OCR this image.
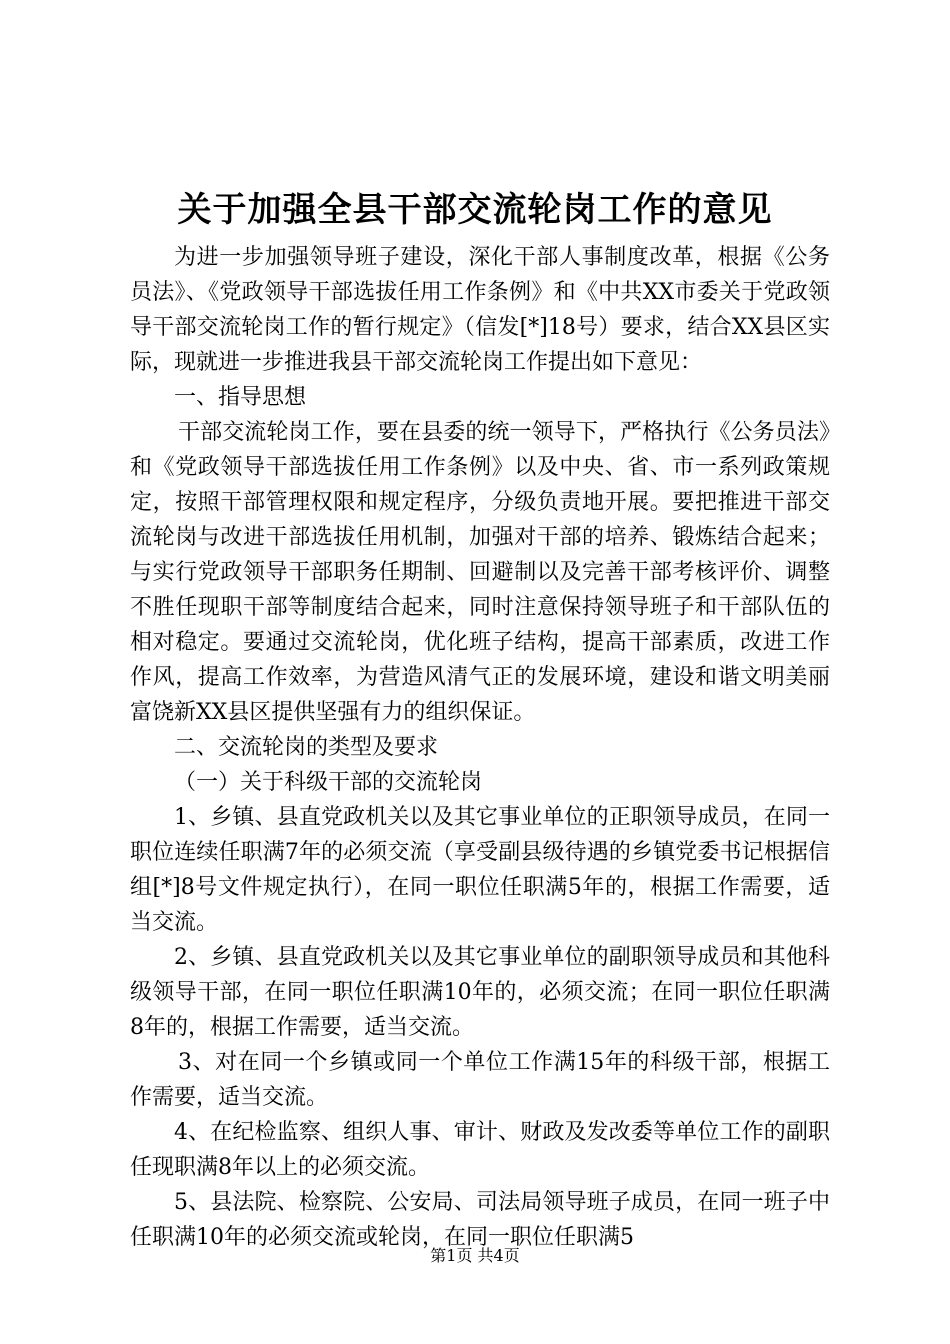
关于加强全县干部交流轮岗工作的意见

为进一步加强领导班子建设，深化干部人事制度改革，根据《公务员法》、《党政领导干部选拔任用工作条例》和《中共XX市委关于党政领导干部交流轮岗工作的暂行规定》（信发[*]18号）要求，结合XX县区实际，现就进一步推进我县干部交流轮岗工作提出如下意见：

一、指导思想

干部交流轮岗工作，要在县委的统一领导下，严格执行《公务员法》和《党政领导干部选拔任用工作条例》以及中央、省、市一系列政策规定，按照干部管理权限和规定程序，分级负责地开展。要把推进干部交流轮岗与改进干部选拔任用机制，加强对干部的培养、锻炼结合起来；与实行党政领导干部职务任期制、回避制以及完善干部考核评价、调整不胜任现职干部等制度结合起来，同时注意保持领导班子和干部队伍的相对稳定。要通过交流轮岗，优化班子结构，提高干部素质，改进工作作风，提高工作效率，为营造风清气正的发展环境，建设和谐文明美丽富饶新XX县区提供坚强有力的组织保证。

二、交流轮岗的类型及要求

（一）关于科级干部的交流轮岗

1、乡镇、县直党政机关以及其它事业单位的正职领导成员，在同一职位连续任职满7年的必须交流（享受副县级待遇的乡镇党委书记根据信组[*]8号文件规定执行），在同一职位任职满5年的，根据工作需要，适当交流。

2、乡镇、县直党政机关以及其它事业单位的副职领导成员和其他科级领导干部，在同一职位任职满10年的，必须交流；在同一职位任职满8年的，根据工作需要，适当交流。

3、对在同一个乡镇或同一个单位工作满15年的科级干部，根据工作需要，适当交流。

4、在纪检监察、组织人事、审计、财政及发改委等单位工作的副职任现职满8年以上的必须交流。

5、县法院、检察院、公安局、司法局领导班子成员，在同一班子中任职满10年的必须交流或轮岗，在同一职位任职满5

第1页 共4页
